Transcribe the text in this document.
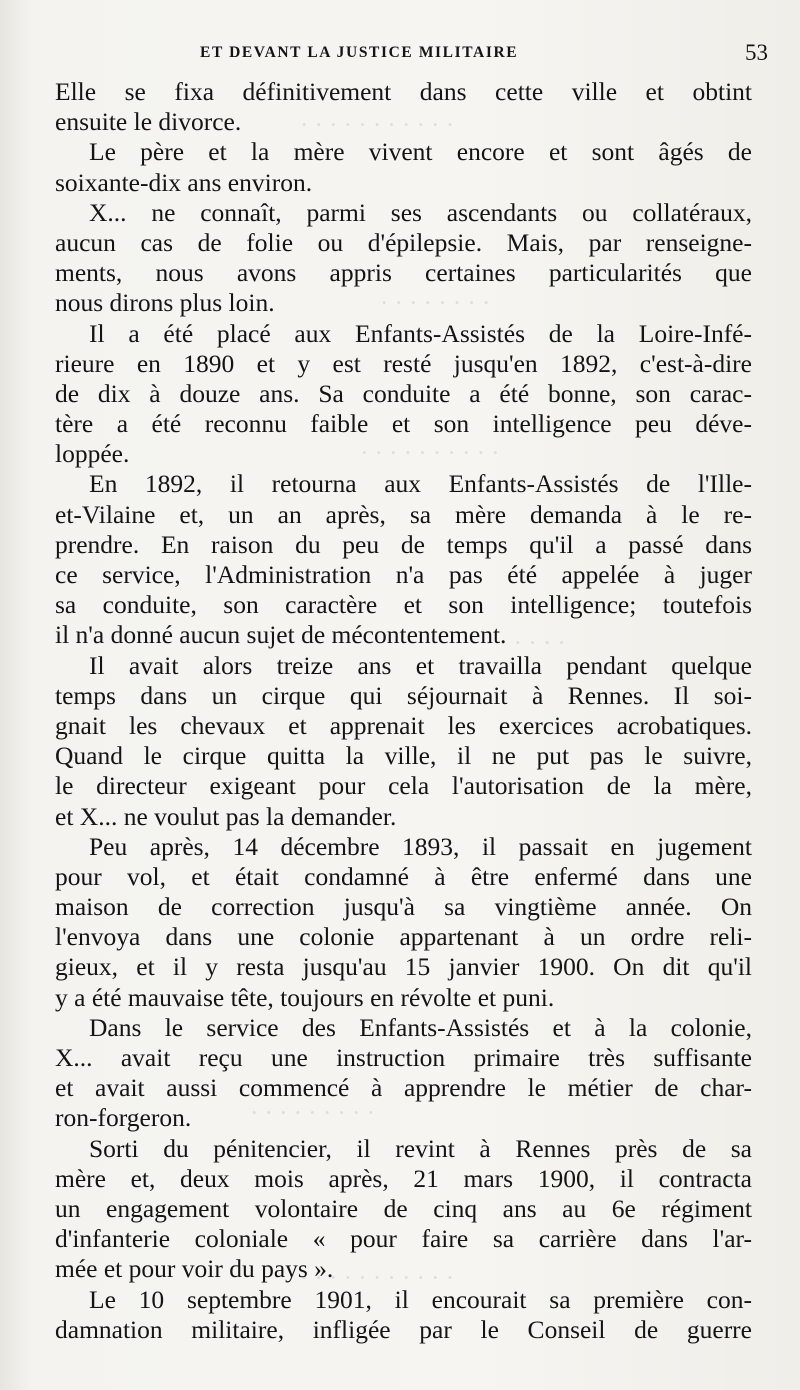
· · · · · · · · · · ·
· · · · · · · ·
· · · · · · · · · ·
· · · · · · ·
· · · · · · · · ·
· · · · · · · · · · ·
ET DEVANT LA JUSTICE MILITAIRE	53
Elle se fixa définitivement dans cette ville et obtint
ensuite le divorce.
Le père et la mère vivent encore et sont âgés de
soixante-dix ans environ.
X... ne connaît, parmi ses ascendants ou collatéraux,
aucun cas de folie ou d'épilepsie. Mais, par renseigne-
ments, nous avons appris certaines particularités que
nous dirons plus loin.
Il a été placé aux Enfants-Assistés de la Loire-Infé-
rieure en 1890 et y est resté jusqu'en 1892, c'est-à-dire
de dix à douze ans. Sa conduite a été bonne, son carac-
tère a été reconnu faible et son intelligence peu déve-
loppée.
En 1892, il retourna aux Enfants-Assistés de l'Ille-
et-Vilaine et, un an après, sa mère demanda à le re-
prendre. En raison du peu de temps qu'il a passé dans
ce service, l'Administration n'a pas été appelée à juger
sa conduite, son caractère et son intelligence; toutefois
il n'a donné aucun sujet de mécontentement.
Il avait alors treize ans et travailla pendant quelque
temps dans un cirque qui séjournait à Rennes. Il soi-
gnait les chevaux et apprenait les exercices acrobatiques.
Quand le cirque quitta la ville, il ne put pas le suivre,
le directeur exigeant pour cela l'autorisation de la mère,
et X... ne voulut pas la demander.
Peu après, 14 décembre 1893, il passait en jugement
pour vol, et était condamné à être enfermé dans une
maison de correction jusqu'à sa vingtième année. On
l'envoya dans une colonie appartenant à un ordre reli-
gieux, et il y resta jusqu'au 15 janvier 1900. On dit qu'il
y a été mauvaise tête, toujours en révolte et puni.
Dans le service des Enfants-Assistés et à la colonie,
X... avait reçu une instruction primaire très suffisante
et avait aussi commencé à apprendre le métier de char-
ron-forgeron.
Sorti du pénitencier, il revint à Rennes près de sa
mère et, deux mois après, 21 mars 1900, il contracta
un engagement volontaire de cinq ans au 6e régiment
d'infanterie coloniale « pour faire sa carrière dans l'ar-
mée et pour voir du pays ».
Le 10 septembre 1901, il encourait sa première con-
damnation militaire, infligée par le Conseil de guerre
